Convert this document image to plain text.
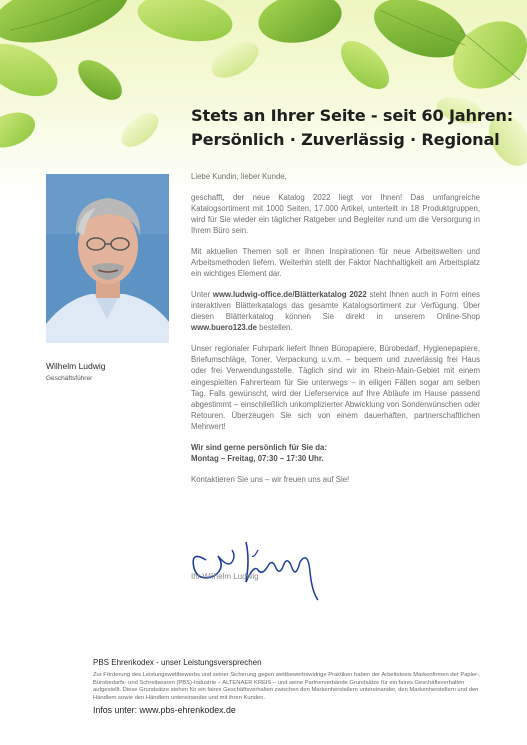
Stets an Ihrer Seite - seit 60 Jahren:
Persönlich · Zuverlässig · Regional
Wilhelm Ludwig
Geschäftsführer

Liebe Kundin, lieber Kunde,

geschafft, der neue Katalog 2022 liegt vor Ihnen! Das umfangreiche Katalogsortiment mit 1000 Seiten, 17.000 Artikel, unterteilt in 18 Produktgruppen, wird für Sie wieder ein täglicher Ratgeber und Begleiter rund um die Versorgung in Ihrem Büro sein.

Mit aktuellen Themen soll er Ihnen Inspirationen für neue Arbeitswelten und Arbeitsmethoden liefern. Weiterhin stellt der Faktor Nachhaltigkeit am Arbeitsplatz ein wichtiges Element dar.

Unter www.ludwig-office.de/Blätterkatalog 2022 steht Ihnen auch in Form eines interaktiven Blätterkatalogs das gesamte Katalogsortiment zur Verfügung. Über diesen Blätterkatalog können Sie direkt in unserem Online-Shop www.buero123.de bestellen.

Unser regionaler Fuhrpark liefert Ihnen Büropapiere, Bürobedarf, Hygienepapiere, Briefumschläge, Toner, Verpackung u.v.m. – bequem und zuverlässig frei Haus oder frei Verwendungsstelle. Täglich sind wir im Rhein-Main-Gebiet mit einem eingespielten Fahrerteam für Sie unterwegs – in eiligen Fällen sogar am selben Tag. Falls gewünscht, wird der Lieferservice auf Ihre Abläufe im Hause passend abgestimmt – einschließlich unkomplizierter Abwicklung von Sonderwünschen oder Retouren. Überzeugen Sie sich von einem dauerhaften, partnerschaftlichen Mehrwert!

Wir sind gerne persönlich für Sie da:
Montag – Freitag, 07:30 – 17:30 Uhr.

Kontaktieren Sie uns – wir freuen uns auf Sie!

Ihr Wilhelm Ludwig
PBS Ehrenkodex - unser Leistungsversprechen
Zur Förderung des Leistungswettbewerbs und seiner Sicherung gegen wettbewerbswidrige Praktiken haben der Arbeitskreis Markenfirmen der Papier-, Bürobedarfs- und Schreibwaren (PBS)-Industrie – ALTENAER KREIS – und seine Partnerverbände Grundsätze für ein faires Geschäftsverhalten aufgestellt. Diese Grundsätze stehen für ein faires Geschäftsverhalten zwischen den Markenherstellern untereinander, den Markenherstellern und den Händlern sowie den Händlern untereinander und mit ihren Kunden.
Infos unter: www.pbs-ehrenkodex.de
